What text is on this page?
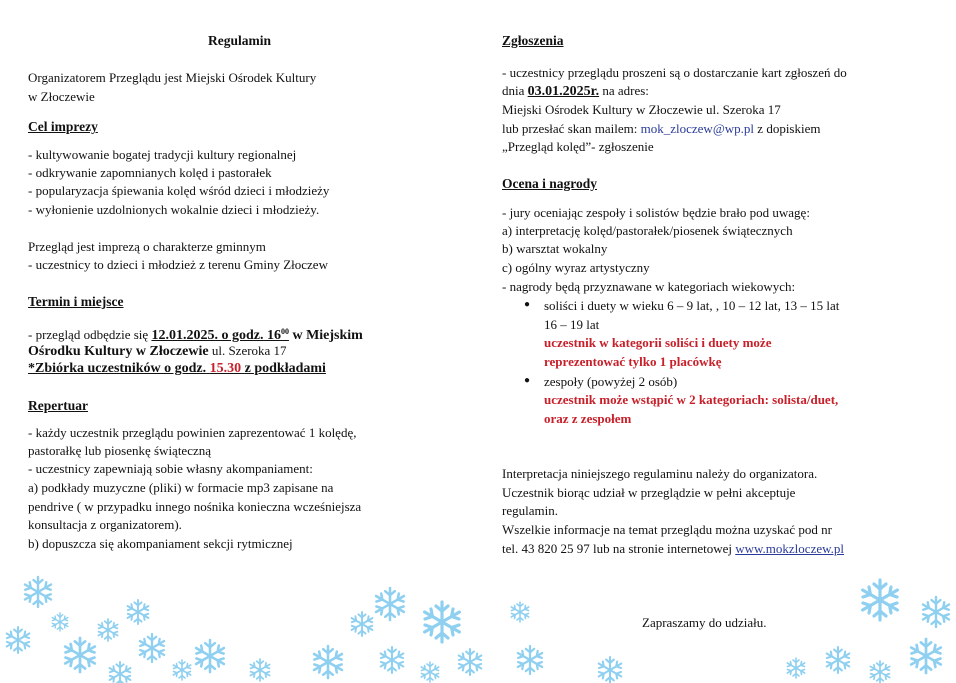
Regulamin
Organizatorem Przeglądu jest Miejski Ośrodek Kultury
w Złoczewie
Cel imprezy
- kultywowanie bogatej tradycji kultury regionalnej
- odkrywanie zapomnianych kolęd i pastorałek
- popularyzacja śpiewania kolęd wśród dzieci i młodzieży
- wyłonienie uzdolnionych wokalnie dzieci i młodzieży.
Przegląd jest imprezą o charakterze gminnym
- uczestnicy to dzieci i młodzież z terenu Gminy Złoczew
Termin i miejsce
- przegląd odbędzie się 12.01.2025. o godz. $16^{00}$ w Miejskim
Ośrodku Kultury w Złoczewie ul. Szeroka 17
*Zbiórka uczestników o godz. 15.30 z podkładami
Repertuar
- każdy uczestnik przeglądu powinien zaprezentować 1 kolędę,
pastorałkę lub piosenkę świąteczną
- uczestnicy zapewniają sobie własny akompaniament:
a) podkłady muzyczne (pliki) w formacie mp3 zapisane na
pendrive ( w przypadku innego nośnika konieczna wcześniejsza
konsultacja z organizatorem).
b) dopuszcza się akompaniament sekcji rytmicznej
Zgłoszenia
- uczestnicy przeglądu proszeni są o dostarczanie kart zgłoszeń do
dnia 03.01.2025r. na adres:
Miejski Ośrodek Kultury w Złoczewie ul. Szeroka 17
lub przesłać skan mailem: mok_zloczew@wp.pl z dopiskiem
„Przegląd kolęd”- zgłoszenie
Ocena i nagrody
- jury oceniając zespoły i solistów będzie brało pod uwagę:
a) interpretację kolęd/pastorałek/piosenek świątecznych
b) warsztat wokalny
c) ogólny wyraz artystyczny
- nagrody będą przyznawane w kategoriach wiekowych:
● soliści i duety w wieku 6 – 9 lat, , 10 – 12 lat, 13 – 15 lat
16 – 19 lat
uczestnik w kategorii soliści i duety może
reprezentować tylko 1 placówkę
● zespoły (powyżej 2 osób)
uczestnik może wstąpić w 2 kategoriach: solista/duet,
oraz z zespołem
Interpretacja niniejszego regulaminu należy do organizatora.
Uczestnik biorąc udział w przeglądzie w pełni akceptuje
regulamin.
Wszelkie informacje na temat przeglądu można uzyskać pod nr
tel. 43 820 25 97 lub na stronie internetowej www.mokzloczew.pl
Zapraszamy do udziału.
